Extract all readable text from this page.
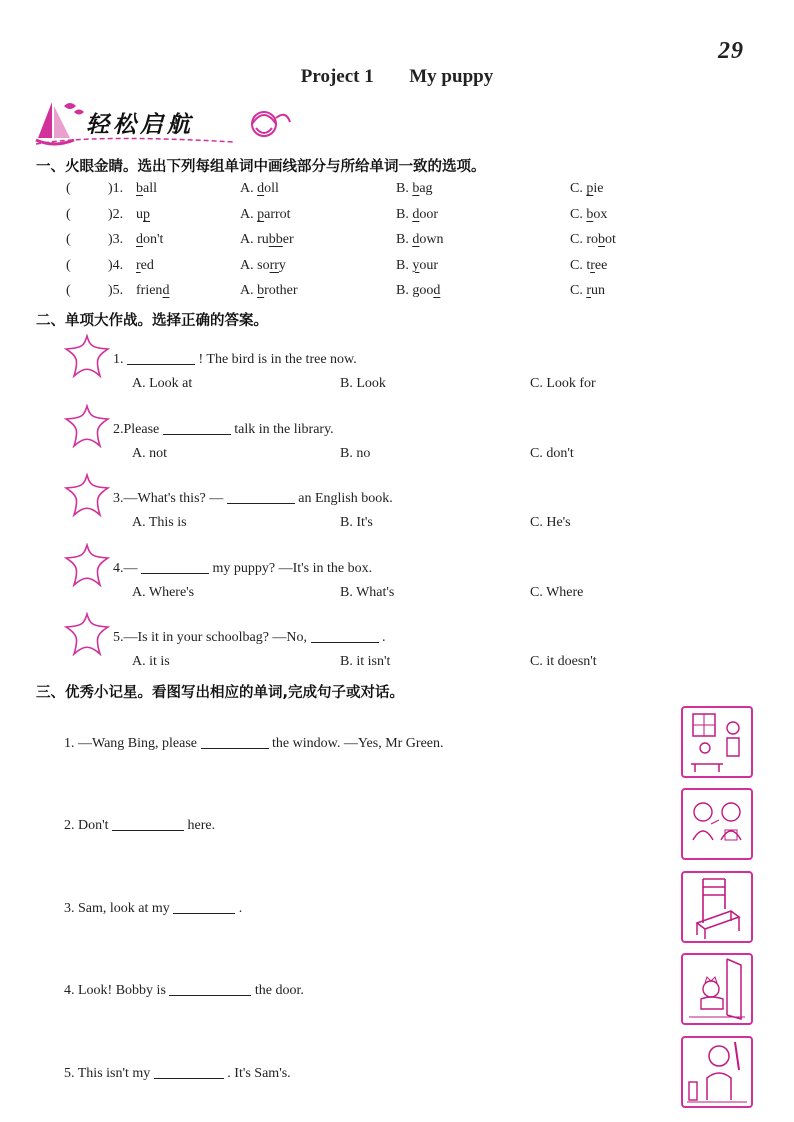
29
Project 1 My puppy
轻松启航
一、火眼金睛。选出下列每组单词中画线部分与所给单词一致的选项。
(	)1. ball	A. doll	B. bag	C. pie
(	)2. up	A. parrot	B. door	C. box
(	)3. don't	A. rubber	B. down	C. robot
(	)4. red	A. sorry	B. your	C. tree
(	)5. friend	A. brother	B. good	C. run
二、单项大作战。选择正确的答案。
1.	! The bird is in the tree now.
A. Look at	B. Look	C. Look for
2.Please	talk in the library.
A. not	B. no	C. don't
3.—What's this? —	an English book.
A. This is	B. It's	C. He's
4.—	my puppy? —It's in the box.
A. Where's	B. What's	C. Where
5.—Is it in your schoolbag? —No,	.
A. it is	B. it isn't	C. it doesn't
三、优秀小记星。看图写出相应的单词,完成句子或对话。
1. —Wang Bing, please	the window. —Yes, Mr Green.
2. Don't	here.
3. Sam, look at my	.
4. Look! Bobby is	the door.
5. This isn't my	. It's Sam's.
